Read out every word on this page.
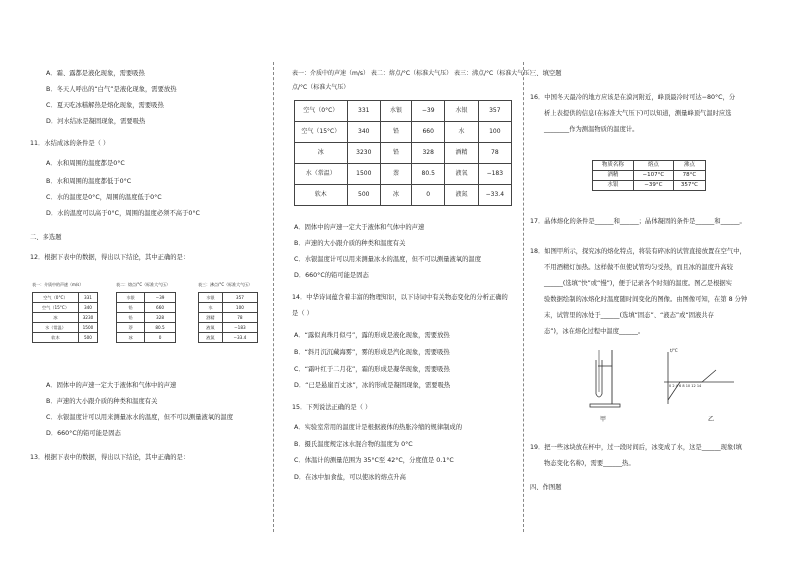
A．霜、露都是液化现象，需要吸热
B．冬天人呼出的“白气”是液化现象，需要放热
C．夏天吃冰糕解热是熔化现象，需要吸热
D．河水结冰是凝固现象，需要吸热
11．水结成冰的条件是（ ）
A．水和周围的温度都是0°C
B．水和周围的温度都低于0°C
C．水的温度是0°C，周围的温度低于0°C
D．水的温度可以高于0°C，周围的温度必须不高于0°C
二、多选题
12．根据下表中的数据，得出以下结论，其中正确的是：
表一：介质中的声速（m/s）	表二：熔点/°C（标准大气压）	表三：沸点/°C（标准大气压）
空气（0°C）	331
空气（15°C）	340
冰	3230
水（常温）	1500
软木	500
水银	−39
铅	660
铅	328
萘	80.5
冰	0
水银	357
水	100
酒精	78
液氧	−183
液氮	−33.4
A．固体中的声速一定大于液体和气体中的声速
B．声速的大小跟介质的种类和温度有关
C．水银温度计可以用来测量冰水的温度，但不可以测量液氧的温度
D．660°C的铅可能是固态
13．根据下表中的数据，得出以下结论，其中正确的是：
表一：介质中的声速（m/s） 表二：熔点/°C（标准大气压） 表三：沸点/°C（标准大气压）
点/°C（标准大气压）
空气（0°C）	331	水银	−39	水银	357
空气（15°C）	340	铅	660	水	100
冰	3230	铅	328	酒精	78
水（常温）	1500	萘	80.5	液氧	−183
软木	500	冰	0	液氮	−33.4
A．固体中的声速一定大于液体和气体中的声速
B．声速的大小跟介质的种类和温度有关
C．水银温度计可以用来测量冰水的温度，但不可以测量液氧的温度
D．660°C的铅可能是固态
14．中华诗词蕴含着丰富的物理知识，以下诗词中有关物态变化的分析正确的
是（ ）
A．“露似真珠月似弓”，露的形成是液化现象，需要放热
B．“斜月沉沉藏海雾”，雾的形成是汽化现象，需要吸热
C．“霜叶红于二月花”，霜的形成是凝华现象，需要吸热
D．“已是悬崖百丈冰”，冰的形成是凝固现象，需要吸热
15．下列说法正确的是（ ）
A．实验室常用的温度计是根据液体的热胀冷缩的规律制成的
B．摄氏温度规定冰水混合物的温度为 0°C
C．体温计的测量范围为 35°C至 42°C，分度值是 0.1°C
D．在冰中加食盐，可以使冰的熔点升高
三、填空题
16．中国冬天最冷的地方应该是在漠河附近，峰顶最冷时可达−80°C，分
析上表提供的信息(在标准大气压下)可以知道，测量峰顶气温时应选
________作为测温物质的温度计。
物质名称	熔点	沸点
酒精	−107°C	78°C
水银	−39°C	357°C
17．晶体熔化的条件是______和______；晶体凝固的条件是______和______。
18．如图甲所示，探究冰的熔化特点，将装有碎冰的试管直接放置在空气中，
不用酒精灯加热。这样做不但使试管均匀受热，而且冰的温度升高较
______(选填“快”或“慢”)，便于记录各个时刻的温度。图乙是根据实
验数据绘制的冰熔化时温度随时间变化的图像。由图像可知，在第 8 分钟
末，试管里的冰处于______(选填“固态”、“液态”或“固液共存
态”)，冰在熔化过程中温度______。
甲	乙
t/°C
0 2 4 6 8 10 12 14
19．把一些冰块放在杯中，过一段时间后，冰变成了水，这是______现象(填
物态变化名称)，需要______热。
四、作图题
